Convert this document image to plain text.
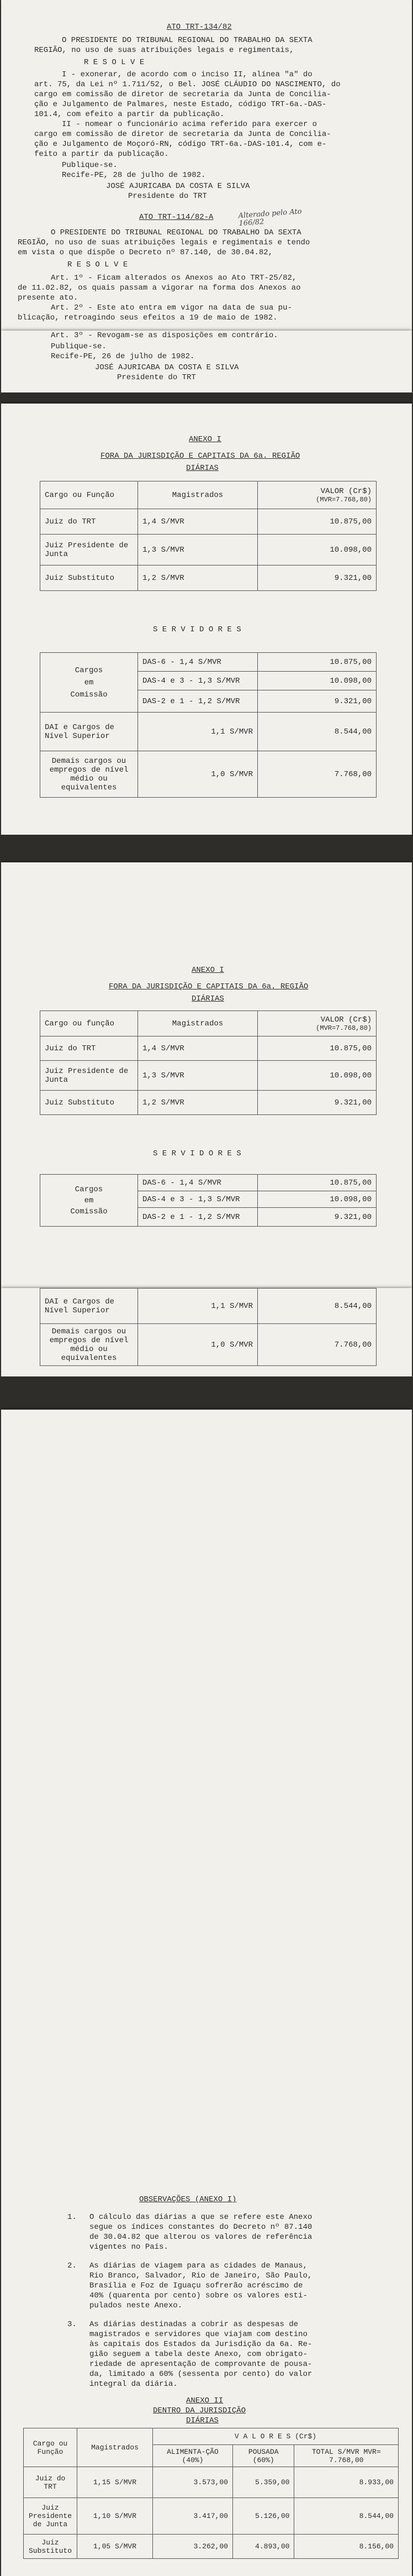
ATO TRT-134/82
O PRESIDENTE DO TRIBUNAL REGIONAL DO TRABALHO DA SEXTA
REGIÃO, no uso de suas atribuições legais e regimentais,
R E S O L V E
I - exonerar, de acordo com o inciso II, alínea "a" do
art. 75, da Lei nº 1.711/52, o Bel. JOSÉ CLÁUDIO DO NASCIMENTO, do
cargo em comissão de diretor de secretaria da Junta de Concilia-
ção e Julgamento de Palmares, neste Estado, código TRT-6a.-DAS-
101.4, com efeito a partir da publicação.
II - nomear o funcionário acima referido para exercer o
cargo em comissão de diretor de secretaria da Junta de Concilia-
ção e Julgamento de Moçoró-RN, código TRT-6a.-DAS-101.4, com e-
feito a partir da publicação.
Publique-se.
Recife-PE, 28 de julho de 1982.
JOSÉ AJURICABA DA COSTA E SILVA
Presidente do TRT
ATO TRT-114/82-A	Alterado pelo Ato 166/82
O PRESIDENTE DO TRIBUNAL REGIONAL DO TRABALHO DA SEXTA
REGIÃO, no uso de suas atribuições legais e regimentais e tendo
em vista o que dispõe o Decreto nº 87.140, de 30.04.82,
R E S O L V E
Art. 1º - Ficam alterados os Anexos ao Ato TRT-25/82,
de 11.02.82, os quais passam a vigorar na forma dos Anexos ao
presente ato.
Art. 2º - Este ato entra em vigor na data de sua pu-
blicação, retroagindo seus efeitos a 19 de maio de 1982.
Art. 3º - Revogam-se as disposições em contrário.
Publique-se.
Recife-PE, 26 de julho de 1982.
JOSÉ AJURICABA DA COSTA E SILVA
Presidente do TRT
ANEXO I
FORA DA JURISDIÇÃO E CAPITAIS DA 6a. REGIÃO
DIÁRIAS
Cargo ou Função	Magistrados	VALOR (Cr$)
(MVR=7.768,80)

Juiz do TRT	1,4 S/MVR	10.875,00
Juiz Presidente de Junta	1,3 S/MVR	10.098,00
Juiz Substituto	1,2 S/MVR	9.321,00
S E R V I D O R E S
Cargos
em
Comissão	DAS-6 - 1,4 S/MVR	10.875,00
	DAS-4 e 3 - 1,3 S/MVR	10.098,00
	DAS-2 e 1 - 1,2 S/MVR	9.321,00
DAI e Cargos de Nível Superior	1,1 S/MVR	8.544,00
Demais cargos ou empregos de nível médio ou equivalentes	1,0 S/MVR	7.768,00
ANEXO I
FORA DA JURISDIÇÃO E CAPITAIS DA 6a. REGIÃO
DIÁRIAS
Cargo ou função	Magistrados	VALOR (Cr$)
(MVR=7.768,80)

Juiz do TRT	1,4 S/MVR	10.875,00
Juiz Presidente de Junta	1,3 S/MVR	10.098,00
Juiz Substituto	1,2 S/MVR	9.321,00
S E R V I D O R E S
Cargos
em
Comissão	DAS-6 - 1,4 S/MVR	10.875,00
	DAS-4 e 3 - 1,3 S/MVR	10.098,00
	DAS-2 e 1 - 1,2 S/MVR	9.321,00
DAI e Cargos de Nível Superior	1,1 S/MVR	8.544,00
Demais cargos ou empregos de nível médio ou equivalentes	1,0 S/MVR	7.768,00
OBSERVAÇÕES (ANEXO I)
1. O cálculo das diárias a que se refere este Anexo
segue os índices constantes do Decreto nº 87.140
de 30.04.82 que alterou os valores de referência
vigentes no País.
2. As diárias de viagem para as cidades de Manaus,
Rio Branco, Salvador, Rio de Janeiro, São Paulo,
Brasília e Foz de Iguaçu sofrerão acréscimo de
40% (quarenta por cento) sobre os valores esti-
pulados neste Anexo.
3. As diárias destinadas a cobrir as despesas de
magistrados e servidores que viajam com destino
às capitais dos Estados da Jurisdição da 6a. Re-
gião seguem a tabela deste Anexo, com obrigato-
riedade de apresentação de comprovante de pousa-
da, limitado a 60% (sessenta por cento) do valor
integral da diária.
ANEXO II
DENTRO DA JURISDIÇÃO
DIÁRIAS
Cargo ou Função	Magistrados	V A L O R E S (Cr$)		
		ALIMENTA-ÇÃO (40%)	POUSADA (60%)	TOTAL S/MVR MVR= 7.768,00
Juiz do TRT	1,15 S/MVR	3.573,00	5.359,00	8.933,00
Juiz Presidente de Junta	1,10 S/MVR	3.417,00	5.126,00	8.544,00
Juiz Substituto	1,05 S/MVR	3.262,00	4.893,00	8.156,00
